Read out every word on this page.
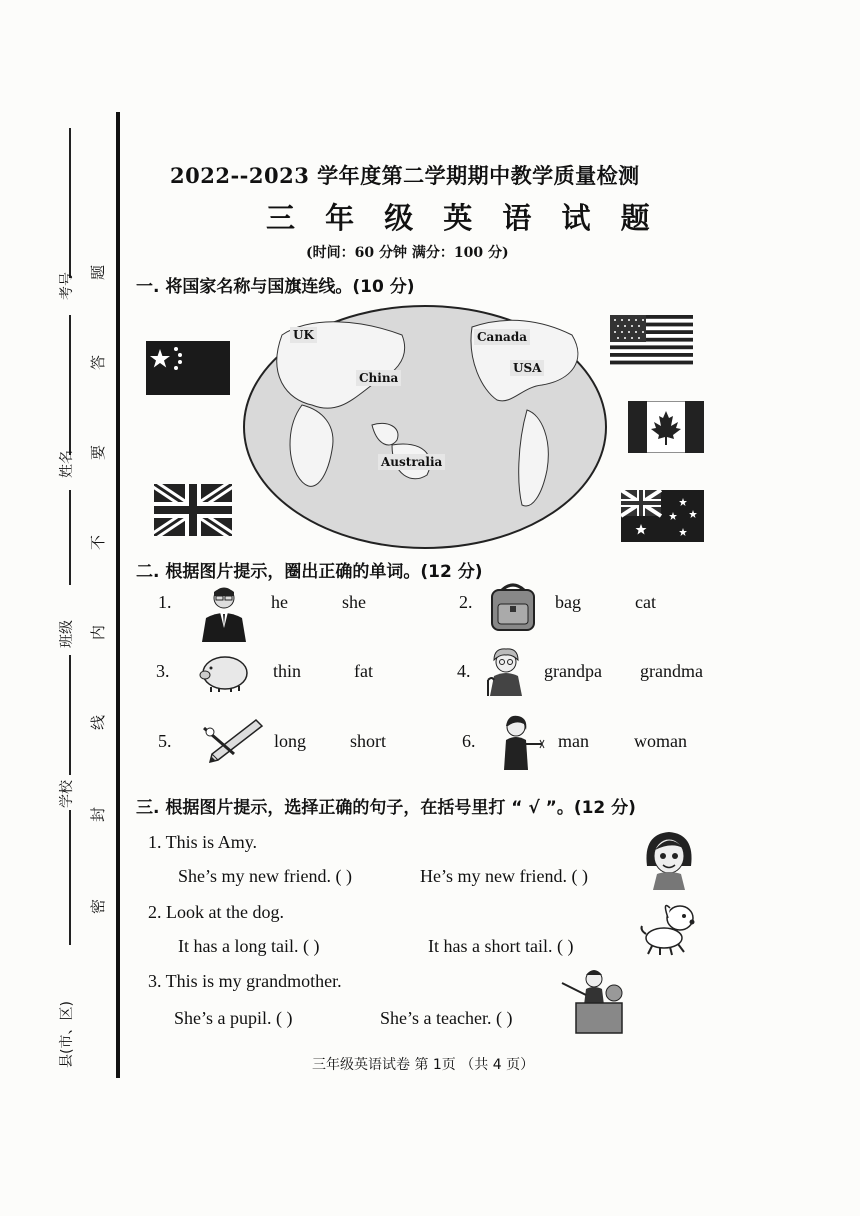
考号
姓名
班级
学校
县(市、区)
题
答
要
不
内
线
封
密
2022--2023 学年度第二学期期中教学质量检测
三 年 级 英 语 试 题
(时间：60 分钟 满分：100 分)
一. 将国家名称与国旗连线。(10 分)
UK	Canada
USA
China
Australia
二. 根据图片提示，圈出正确的单词。(12 分)
1.	he	she	2.	bag	cat
3.	thin	fat	4.	grandpa grandma
5.	long short	6.	man	woman
三. 根据图片提示，选择正确的句子，在括号里打 “ √ ”。(12 分)
1. This is Amy.
She’s my new friend. ( )	He’s my new friend. ( )
2. Look at the dog.
It has a long tail. ( )	It has a short tail. ( )
3. This is my grandmother.
She’s a pupil. ( )	She’s a teacher. ( )
三年级英语试卷 第 1页 （共 4 页）
